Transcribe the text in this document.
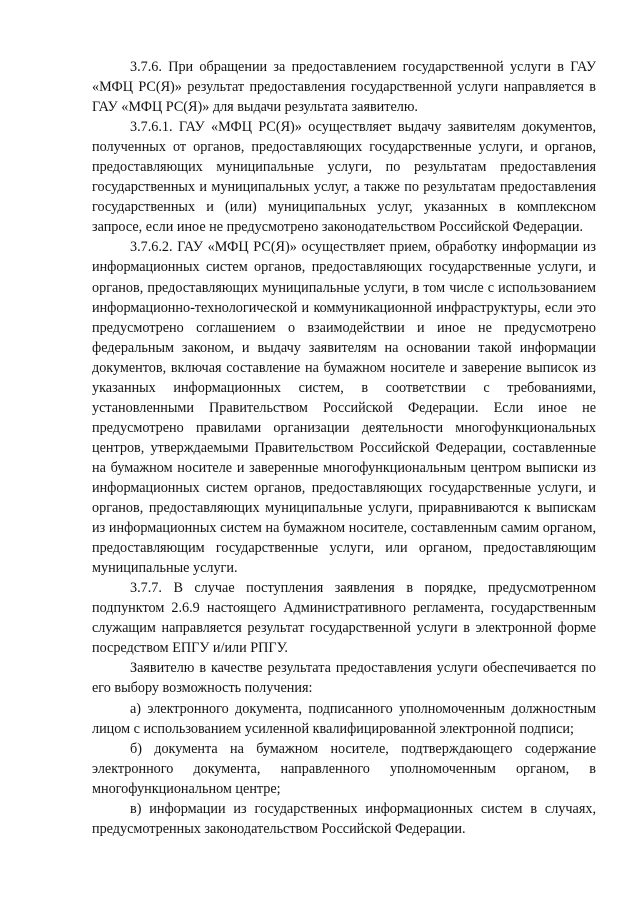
3.7.6. При обращении за предоставлением государственной услуги в ГАУ «МФЦ РС(Я)» результат предоставления государственной услуги направляется в ГАУ «МФЦ РС(Я)» для выдачи результата заявителю.

3.7.6.1. ГАУ «МФЦ РС(Я)» осуществляет выдачу заявителям документов, полученных от органов, предоставляющих государственные услуги, и органов, предоставляющих муниципальные услуги, по результатам предоставления государственных и муниципальных услуг, а также по результатам предоставления государственных и (или) муниципальных услуг, указанных в комплексном запросе, если иное не предусмотрено законодательством Российской Федерации.

3.7.6.2. ГАУ «МФЦ РС(Я)» осуществляет прием, обработку информации из информационных систем органов, предоставляющих государственные услуги, и органов, предоставляющих муниципальные услуги, в том числе с использованием информационно-технологической и коммуникационной инфраструктуры, если это предусмотрено соглашением о взаимодействии и иное не предусмотрено федеральным законом, и выдачу заявителям на основании такой информации документов, включая составление на бумажном носителе и заверение выписок из указанных информационных систем, в соответствии с требованиями, установленными Правительством Российской Федерации. Если иное не предусмотрено правилами организации деятельности многофункциональных центров, утверждаемыми Правительством Российской Федерации, составленные на бумажном носителе и заверенные многофункциональным центром выписки из информационных систем органов, предоставляющих государственные услуги, и органов, предоставляющих муниципальные услуги, приравниваются к выпискам из информационных систем на бумажном носителе, составленным самим органом, предоставляющим государственные услуги, или органом, предоставляющим муниципальные услуги.

3.7.7. В случае поступления заявления в порядке, предусмотренном подпунктом 2.6.9 настоящего Административного регламента, государственным служащим направляется результат государственной услуги в электронной форме посредством ЕПГУ и/или РПГУ.

Заявителю в качестве результата предоставления услуги обеспечивается по его выбору возможность получения:

а) электронного документа, подписанного уполномоченным должностным лицом с использованием усиленной квалифицированной электронной подписи;

б) документа на бумажном носителе, подтверждающего содержание электронного документа, направленного уполномоченным органом, в многофункциональном центре;

в) информации из государственных информационных систем в случаях, предусмотренных законодательством Российской Федерации.
